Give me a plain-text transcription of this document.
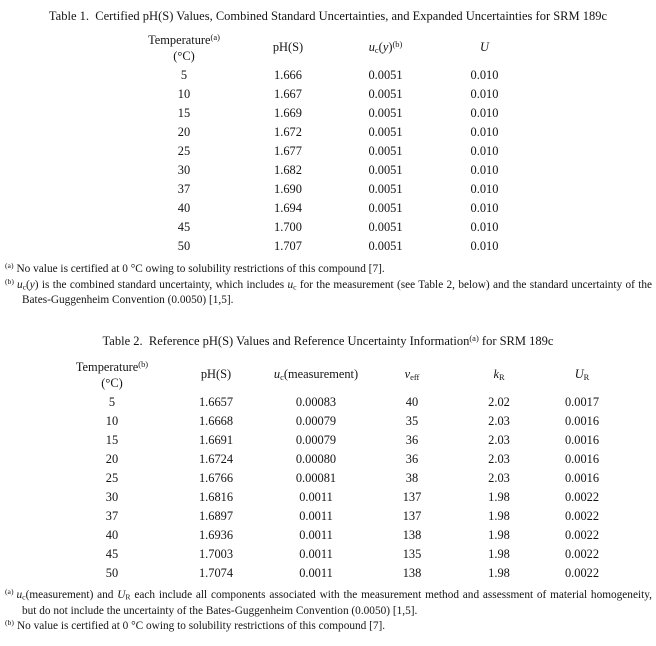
Table 1.  Certified pH(S) Values, Combined Standard Uncertainties, and Expanded Uncertainties for SRM 189c
Temperature$^{(a)}$
(°C)	pH(S)	$uc(y)^{(b)}$	U
5	1.666	0.0051	0.010
10	1.667	0.0051	0.010
15	1.669	0.0051	0.010
20	1.672	0.0051	0.010
25	1.677	0.0051	0.010
30	1.682	0.0051	0.010
37	1.690	0.0051	0.010
40	1.694	0.0051	0.010
45	1.700	0.0051	0.010
50	1.707	0.0051	0.010
$^{(a)}$ No value is certified at 0 °C owing to solubility restrictions of this compound [7].
$^{(b)}$ uc(y) is the combined standard uncertainty, which includes uc for the measurement (see Table 2, below) and the standard uncertainty of the Bates-Guggenheim Convention (0.0050) [1,5].
Table 2.  Reference pH(S) Values and Reference Uncertainty Information$^{(a)}$ for SRM 189c
Temperature$^{(b)}$
(°C)	pH(S)	uc(measurement)	νeff	kR	UR
5	1.6657	0.00083	40	2.02	0.0017
10	1.6668	0.00079	35	2.03	0.0016
15	1.6691	0.00079	36	2.03	0.0016
20	1.6724	0.00080	36	2.03	0.0016
25	1.6766	0.00081	38	2.03	0.0016
30	1.6816	0.0011	137	1.98	0.0022
37	1.6897	0.0011	137	1.98	0.0022
40	1.6936	0.0011	138	1.98	0.0022
45	1.7003	0.0011	135	1.98	0.0022
50	1.7074	0.0011	138	1.98	0.0022
$^{(a)}$ uc(measurement) and UR each include all components associated with the measurement method and assessment of material homogeneity, but do not include the uncertainty of the Bates-Guggenheim Convention (0.0050) [1,5].
$^{(b)}$ No value is certified at 0 °C owing to solubility restrictions of this compound [7].
